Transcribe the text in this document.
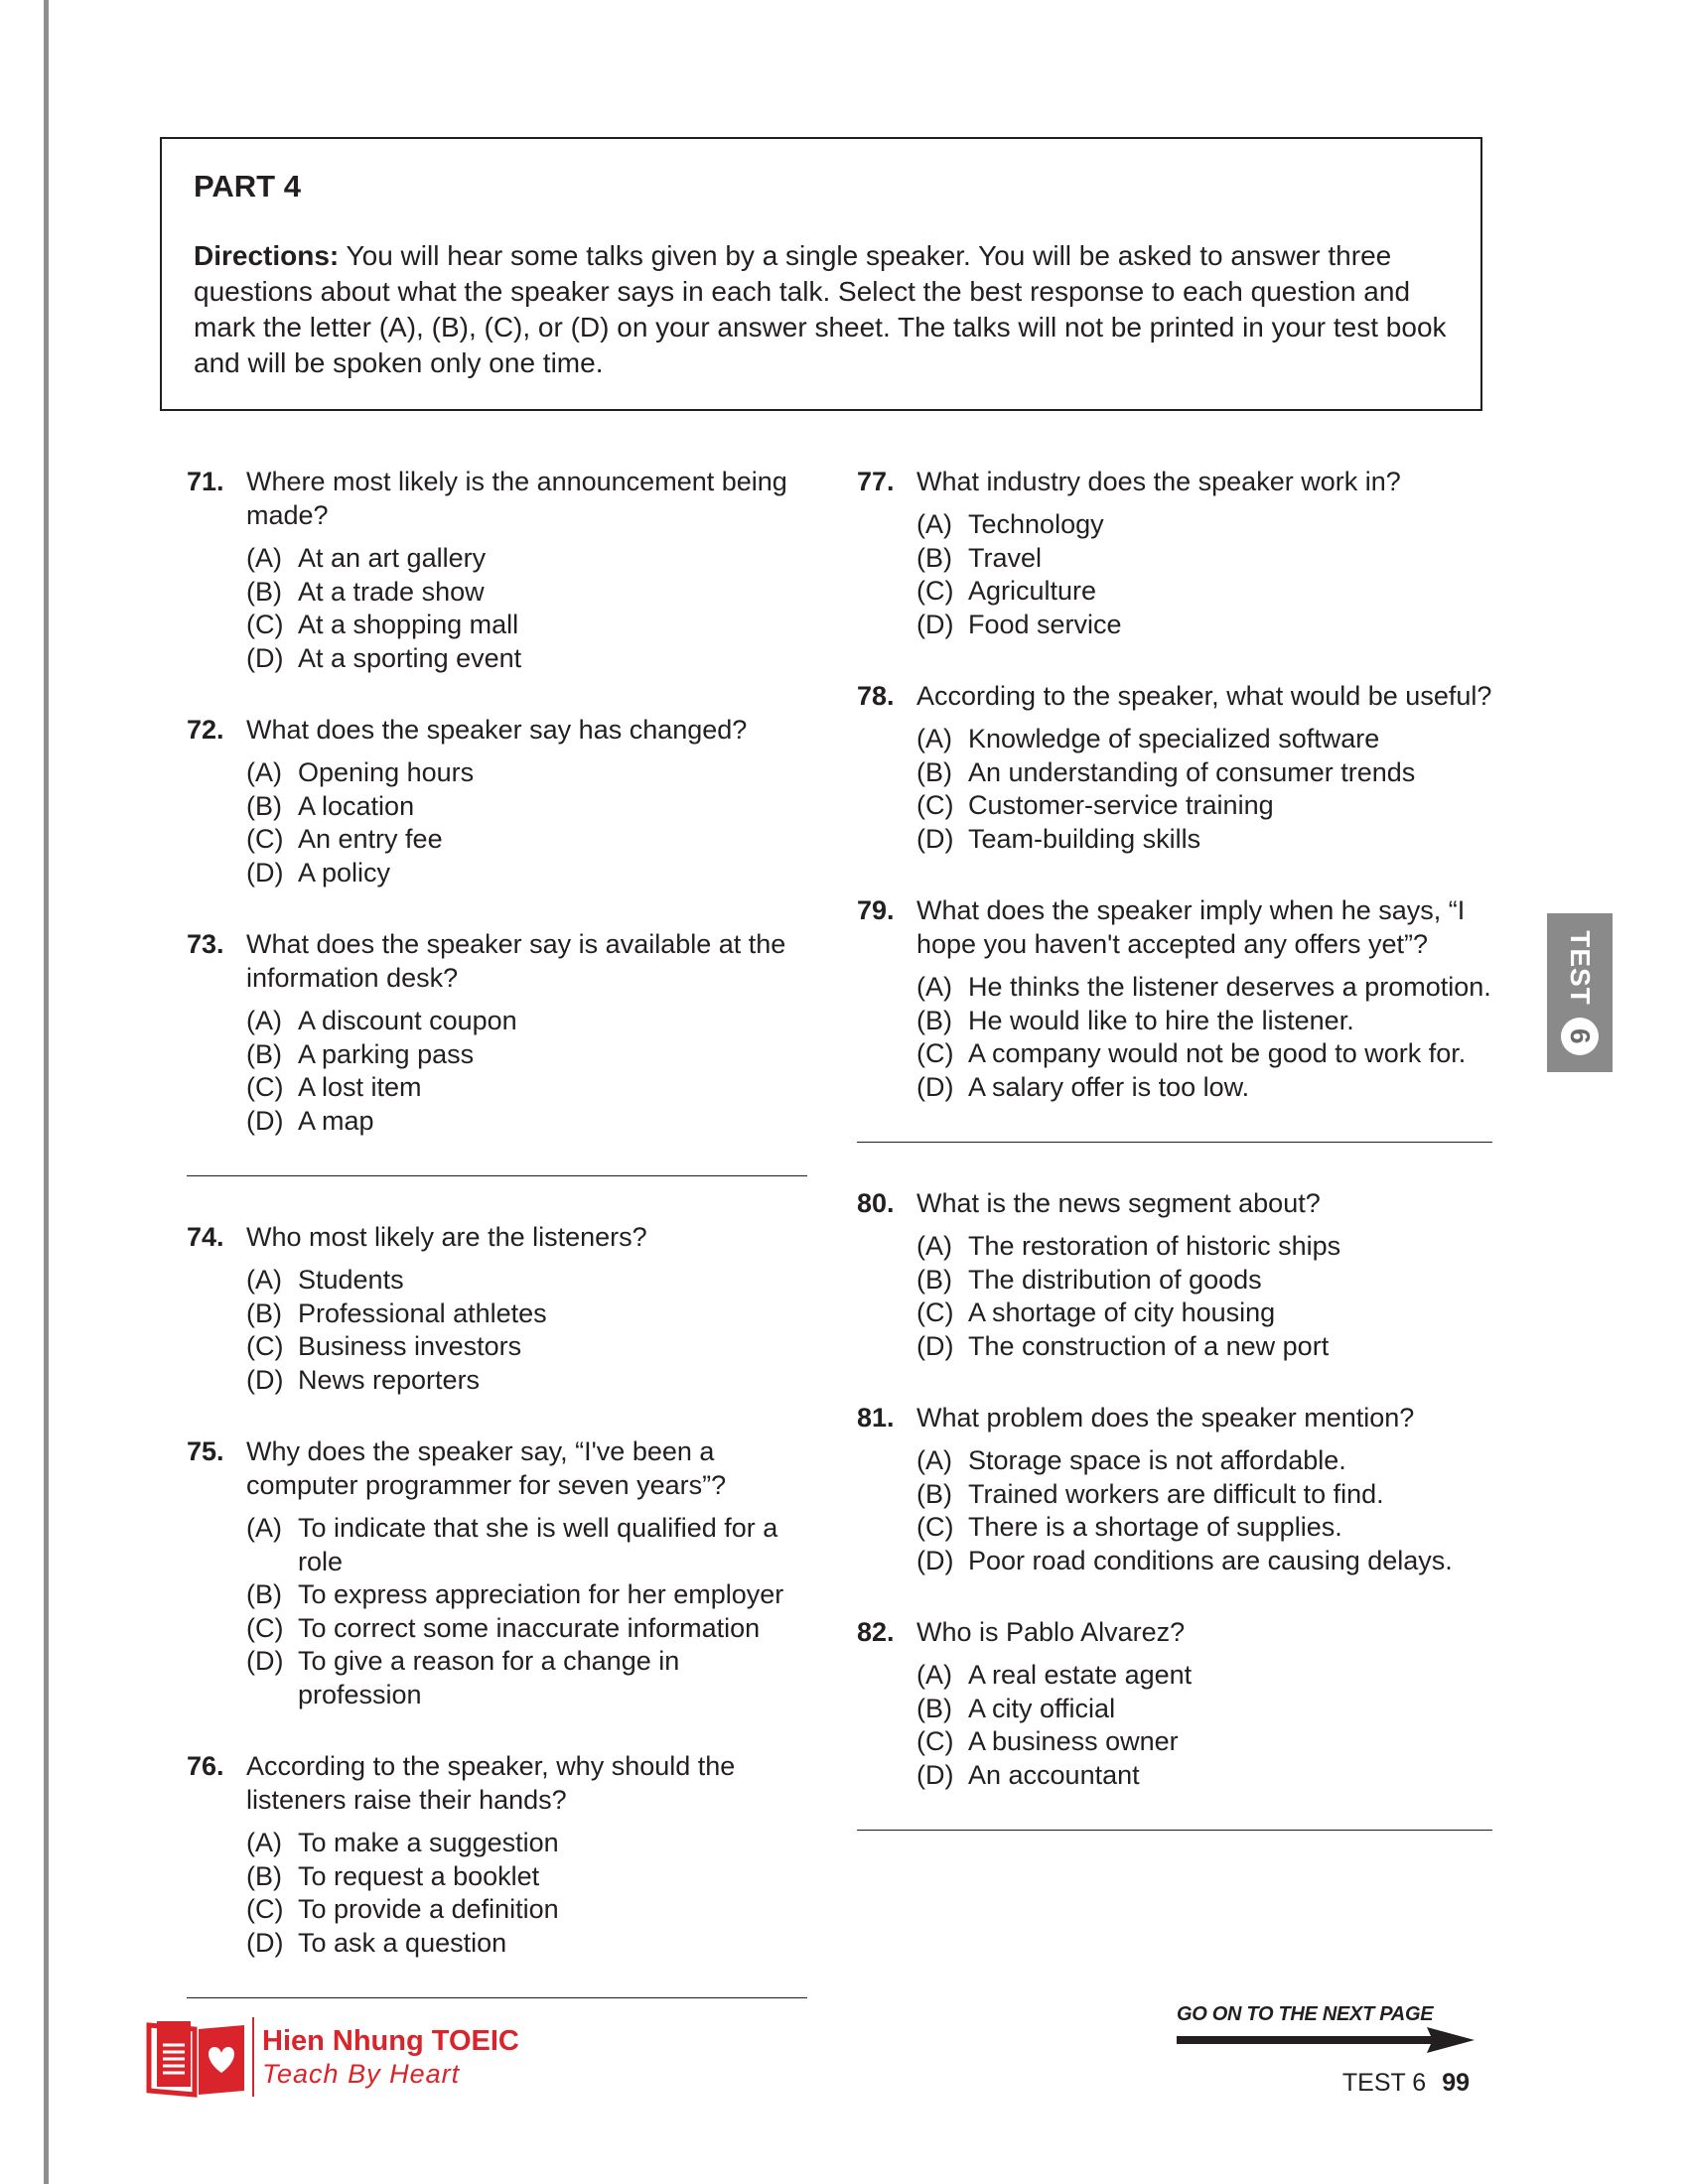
PART 4

Directions: You will hear some talks given by a single speaker. You will be asked to answer three questions about what the speaker says in each talk. Select the best response to each question and mark the letter (A), (B), (C), or (D) on your answer sheet. The talks will not be printed in your test book and will be spoken only one time.

71. Where most likely is the announcement being made?
(A) At an art gallery
(B) At a trade show
(C) At a shopping mall
(D) At a sporting event
72. What does the speaker say has changed?
(A) Opening hours
(B) A location
(C) An entry fee
(D) A policy
73. What does the speaker say is available at the information desk?
(A) A discount coupon
(B) A parking pass
(C) A lost item
(D) A map
74. Who most likely are the listeners?
(A) Students
(B) Professional athletes
(C) Business investors
(D) News reporters
75. Why does the speaker say, “I've been a computer programmer for seven years”?
(A) To indicate that she is well qualified for a role
(B) To express appreciation for her employer
(C) To correct some inaccurate information
(D) To give a reason for a change in profession
76. According to the speaker, why should the listeners raise their hands?
(A) To make a suggestion
(B) To request a booklet
(C) To provide a definition
(D) To ask a question
77. What industry does the speaker work in?
(A) Technology
(B) Travel
(C) Agriculture
(D) Food service
78. According to the speaker, what would be useful?
(A) Knowledge of specialized software
(B) An understanding of consumer trends
(C) Customer-service training
(D) Team-building skills
79. What does the speaker imply when he says, “I hope you haven't accepted any offers yet”?
(A) He thinks the listener deserves a promotion.
(B) He would like to hire the listener.
(C) A company would not be good to work for.
(D) A salary offer is too low.
80. What is the news segment about?
(A) The restoration of historic ships
(B) The distribution of goods
(C) A shortage of city housing
(D) The construction of a new port
81. What problem does the speaker mention?
(A) Storage space is not affordable.
(B) Trained workers are difficult to find.
(C) There is a shortage of supplies.
(D) Poor road conditions are causing delays.
82. Who is Pablo Alvarez?
(A) A real estate agent
(B) A city official
(C) A business owner
(D) An accountant
TEST
6
Hien Nhung TOEIC
Teach By Heart
GO ON TO THE NEXT PAGE
TEST 6 99
